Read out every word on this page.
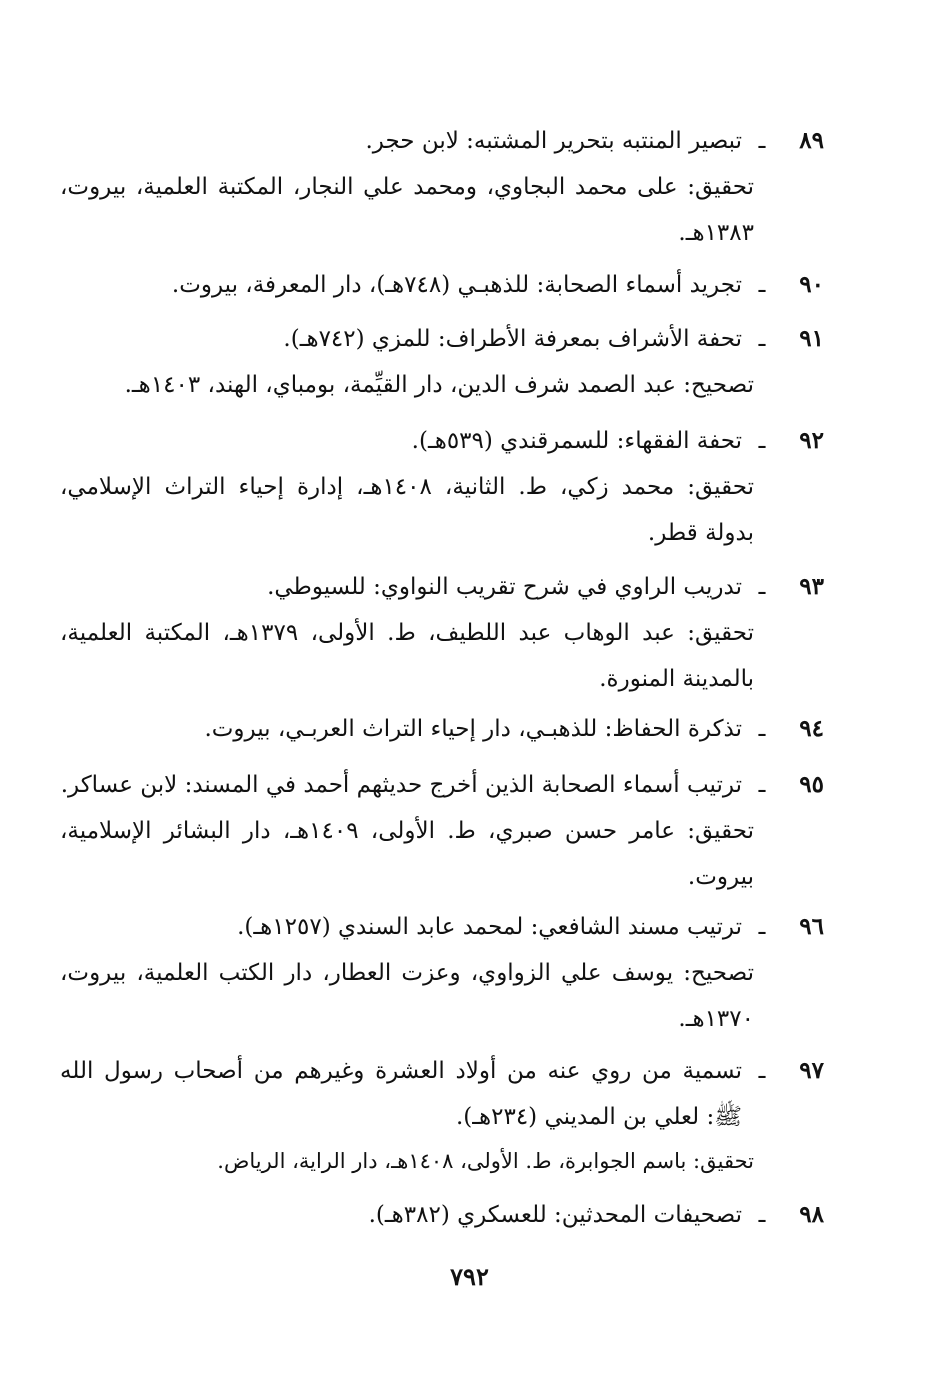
٨٩
ـ
تبصير المنتبه بتحرير المشتبه: لابن حجر.
تحقيق: على محمد البجاوي، ومحمد علي النجار، المكتبة العلمية، بيروت، ١٣٨٣هـ.
٩٠
ـ
تجريد أسماء الصحابة: للذهبـي (٧٤٨هـ)، دار المعرفة، بيروت.
٩١
ـ
تحفة الأشراف بمعرفة الأطراف: للمزي (٧٤٢هـ).
تصحيح: عبد الصمد شرف الدين، دار القيِّمة، بومباي، الهند، ١٤٠٣هـ.
٩٢
ـ
تحفة الفقهاء: للسمرقندي (٥٣٩هـ).
تحقيق: محمد زكي، ط. الثانية، ١٤٠٨هـ، إدارة إحياء التراث الإسلامي، بدولة قطر.
٩٣
ـ
تدريب الراوي في شرح تقريب النواوي: للسيوطي.
تحقيق: عبد الوهاب عبد اللطيف، ط. الأولى، ١٣٧٩هـ، المكتبة العلمية، بالمدينة المنورة.
٩٤
ـ
تذكرة الحفاظ: للذهبـي، دار إحياء التراث العربـي، بيروت.
٩٥
ـ
ترتيب أسماء الصحابة الذين أخرج حديثهم أحمد في المسند: لابن عساكر.
تحقيق: عامر حسن صبري، ط. الأولى، ١٤٠٩هـ، دار البشائر الإسلامية، بيروت.
٩٦
ـ
ترتيب مسند الشافعي: لمحمد عابد السندي (١٢٥٧هـ).
تصحيح: يوسف علي الزواوي، وعزت العطار، دار الكتب العلمية، بيروت، ١٣٧٠هـ.
٩٧
ـ
تسمية من روي عنه من أولاد العشرة وغيرهم من أصحاب رسول الله ﷺ: لعلي بن المديني (٢٣٤هـ).
تحقيق: باسم الجوابرة، ط. الأولى، ١٤٠٨هـ، دار الراية، الرياض.
٩٨
ـ
تصحيفات المحدثين: للعسكري (٣٨٢هـ).
٧٩٢
